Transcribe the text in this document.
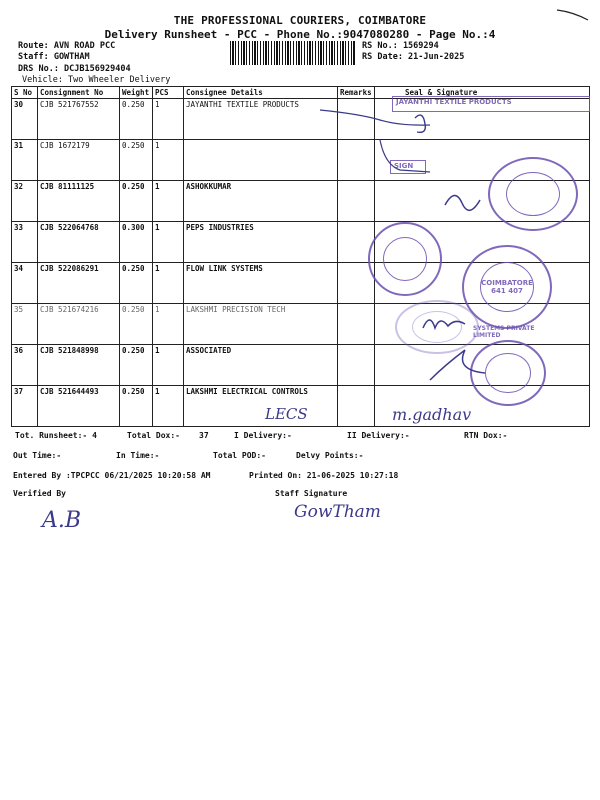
THE PROFESSIONAL COURIERS, COIMBATORE
Delivery Runsheet - PCC - Phone No.:9047080280 - Page No.:4
Route: AVN ROAD PCC
Staff: GOWTHAM
DRS No.: DCJB156929404
Vehicle: Two Wheeler Delivery
RS No.: 1569294
RS Date: 21-Jun-2025
S No	Consignment No	Weight	PCS	Consignee Details	Remarks	Seal & Signature
30	CJB 521767552	0.250	1	JAYANTHI TEXTILE PRODUCTS		
31	CJB 1672179	0.250	1			
32	CJB 81111125	0.250	1	ASHOKKUMAR		
33	CJB 522064768	0.300	1	PEPS INDUSTRIES		
34	CJB 522086291	0.250	1	FLOW LINK SYSTEMS		
35	CJB 521674216	0.250	1	LAKSHMI PRECISION TECH		
36	CJB 521848998	0.250	1	ASSOCIATED		
37	CJB 521644493	0.250	1	LAKSHMI ELECTRICAL CONTROLS		
JAYANTHI TEXTILE PRODUCTS
SIGN
COIMBATORE
641 407
SYSTEMS PRIVATE LIMITED
LECS	m.gadhav
Tot. Runsheet:- 4	Total Dox:- 37	I Delivery:-	II Delivery:-	RTN Dox:-
Out Time:-	In Time:-	Total POD:-	Delvy Points:-
Entered By :TPCPCC 06/21/2025 10:20:58 AM	Printed On: 21-06-2025 10:27:18
Verified By	Staff Signature
A.B	GowTham
